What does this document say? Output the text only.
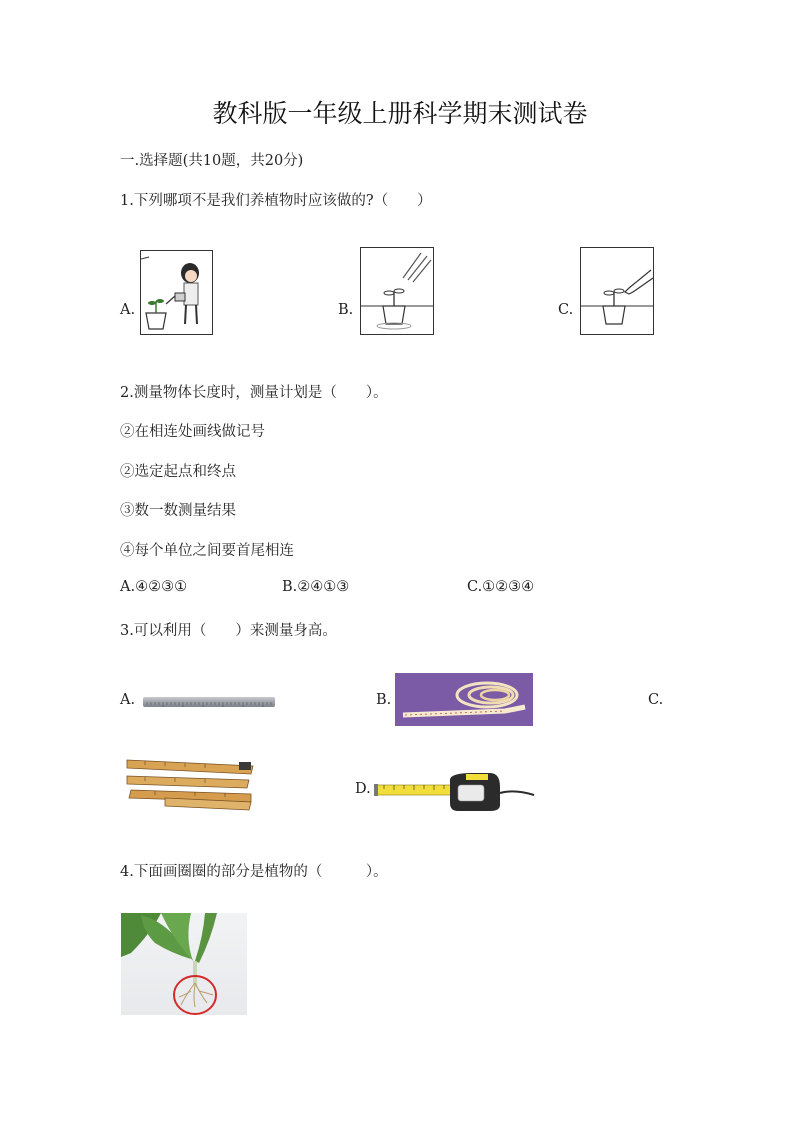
教科版一年级上册科学期末测试卷
一.选择题(共10题，共20分)
1.下列哪项不是我们养植物时应该做的?（　　）
A.	B.	C.
2.测量物体长度时，测量计划是（　　）。
②在相连处画线做记号
②选定起点和终点
③数一数测量结果
④每个单位之间要首尾相连
A.④②③①	B.②④①③	C.①②③④
3.可以利用（　　）来测量身高。
A.	B.	C.
D.
4.下面画圈圈的部分是植物的（　　　）。
